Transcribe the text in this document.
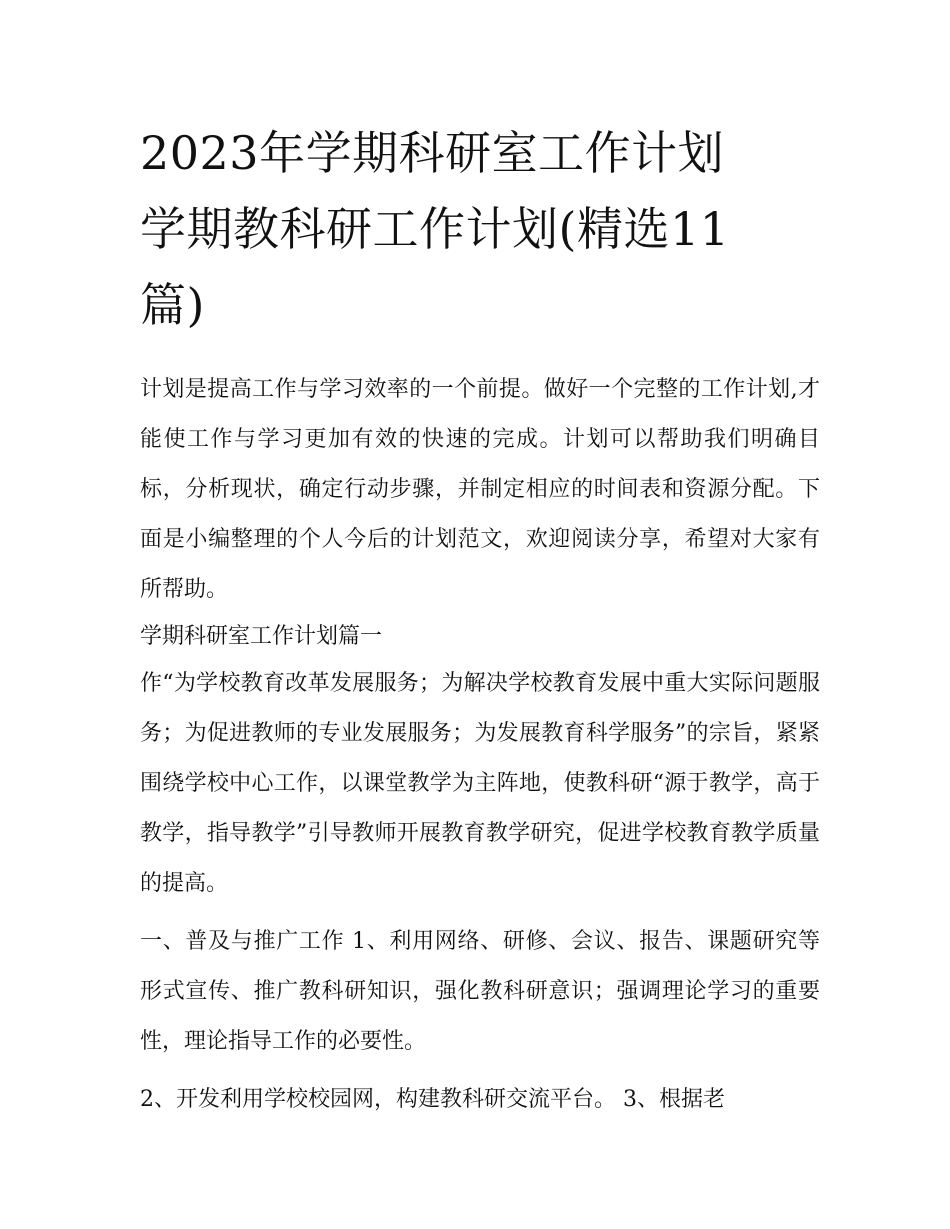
2023年学期科研室工作计划
学期教科研工作计划(精选11
篇)

计划是提高工作与学习效率的一个前提。做好一个完整的工作计划,才能使工作与学习更加有效的快速的完成。计划可以帮助我们明确目标，分析现状，确定行动步骤，并制定相应的时间表和资源分配。下面是小编整理的个人今后的计划范文，欢迎阅读分享，希望对大家有所帮助。

学期科研室工作计划篇一

作“为学校教育改革发展服务；为解决学校教育发展中重大实际问题服务；为促进教师的专业发展服务；为发展教育科学服务”的宗旨，紧紧围绕学校中心工作，以课堂教学为主阵地，使教科研“源于教学，高于教学，指导教学”引导教师开展教育教学研究，促进学校教育教学质量的提高。

一、普及与推广工作 1、利用网络、研修、会议、报告、课题研究等形式宣传、推广教科研知识，强化教科研意识；强调理论学习的重要性，理论指导工作的必要性。

2、开发利用学校校园网，构建教科研交流平台。 3、根据老
